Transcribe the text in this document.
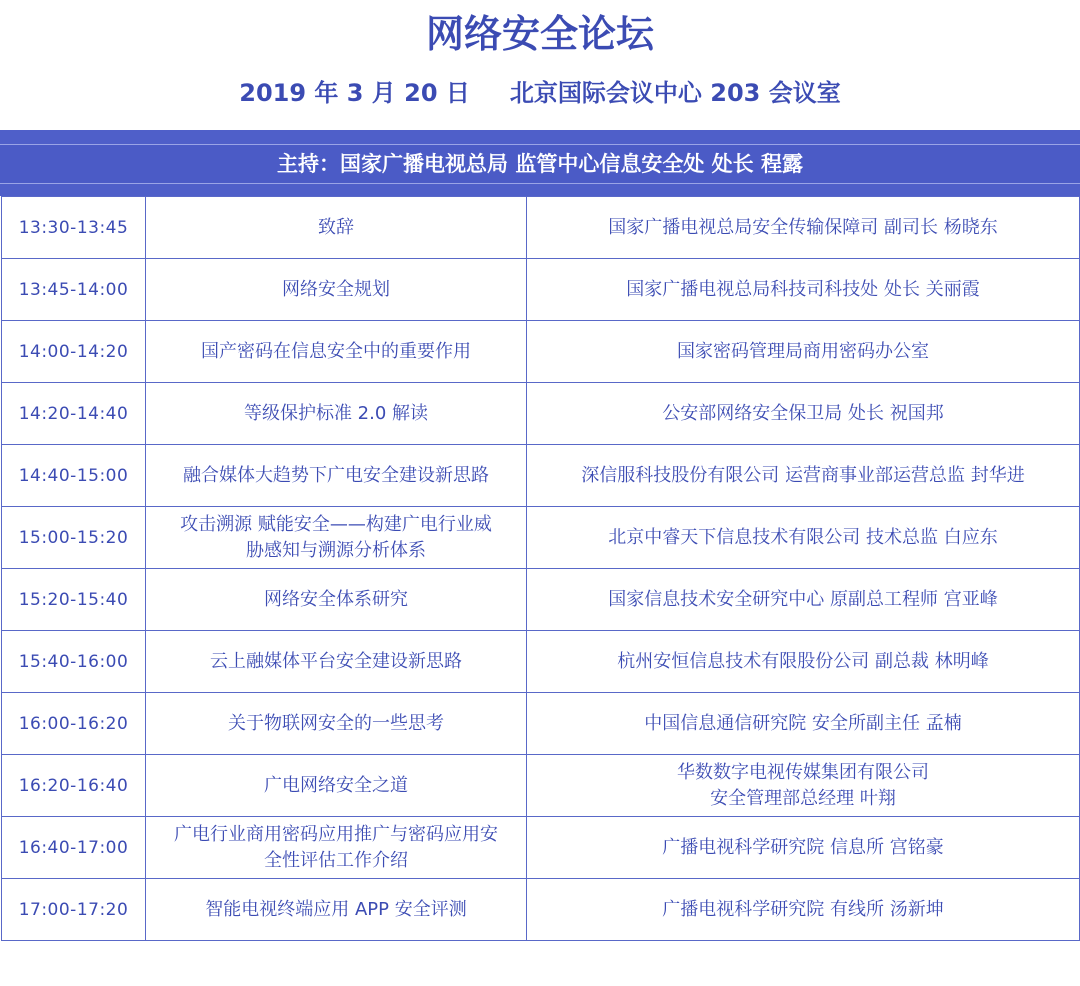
网络安全论坛
2019 年 3 月 20 日 北京国际会议中心 203 会议室
主持：国家广播电视总局 监管中心信息安全处 处长 程露
13:30-13:45	致辞	国家广播电视总局安全传输保障司 副司长 杨晓东

13:45-14:00	网络安全规划	国家广播电视总局科技司科技处 处长 关丽霞

14:00-14:20	国产密码在信息安全中的重要作用	国家密码管理局商用密码办公室

14:20-14:40	等级保护标准 2.0 解读	公安部网络安全保卫局 处长 祝国邦

14:40-15:00	融合媒体大趋势下广电安全建设新思路	深信服科技股份有限公司 运营商事业部运营总监 封华进

15:00-15:20	攻击溯源 赋能安全——构建广电行业威
胁感知与溯源分析体系	北京中睿天下信息技术有限公司 技术总监 白应东

15:20-15:40	网络安全体系研究	国家信息技术安全研究中心 原副总工程师 宫亚峰

15:40-16:00	云上融媒体平台安全建设新思路	杭州安恒信息技术有限股份公司 副总裁 林明峰

16:00-16:20	关于物联网安全的一些思考	中国信息通信研究院 安全所副主任 孟楠

16:20-16:40	广电网络安全之道	华数数字电视传媒集团有限公司
安全管理部总经理 叶翔

16:40-17:00	广电行业商用密码应用推广与密码应用安
全性评估工作介绍	广播电视科学研究院 信息所 宫铭豪

17:00-17:20	智能电视终端应用 APP 安全评测	广播电视科学研究院 有线所 汤新坤
